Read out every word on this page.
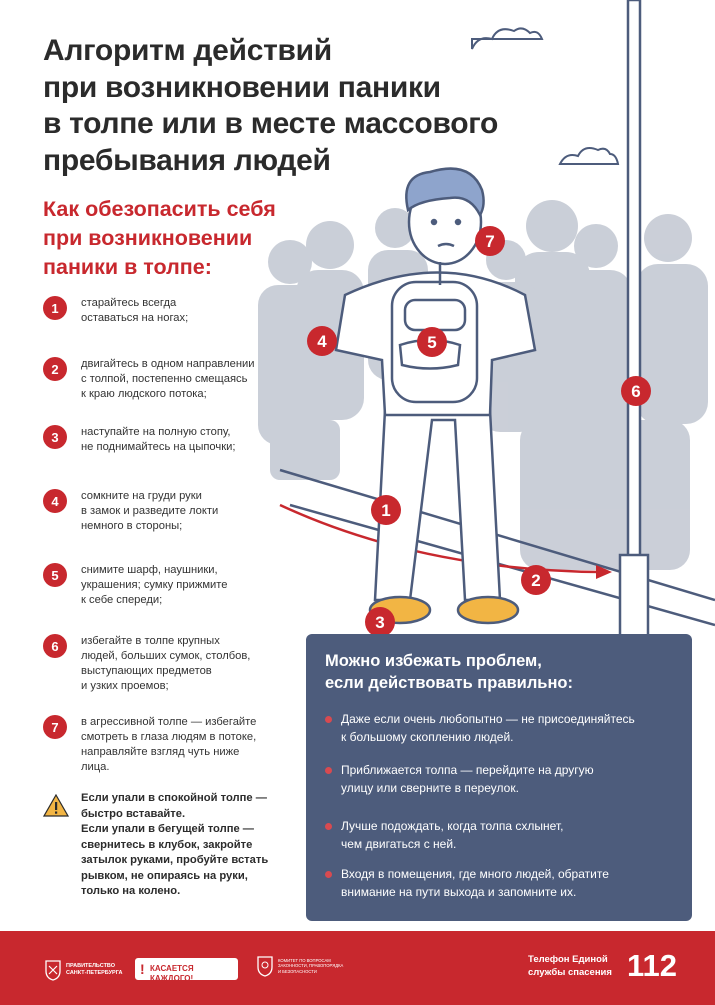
7
4	5
6
1
2
3
Алгоритм действий
при возникновении паники
в толпе или в месте массового
пребывания людей
Как обезопасить себя
при возникновении
паники в толпе:
1	старайтесь всегда
оставаться на ногах;
2	двигайтесь в одном направлении
с толпой, постепенно смещаясь
к краю людского потока;
3	наступайте на полную стопу,
не поднимайтесь на цыпочки;
4	сомкните на груди руки
в замок и разведите локти
немного в стороны;
5	снимите шарф, наушники,
украшения; сумку прижмите
к себе спереди;
6	избегайте в толпе крупных
людей, больших сумок, столбов,
выступающих предметов
и узких проемов;
7	в агрессивной толпе — избегайте
смотреть в глаза людям в потоке,
направляйте взгляд чуть ниже
лица.
Если упали в спокойной толпе —
быстро вставайте.
Если упали в бегущей толпе —
свернитесь в клубок, закройте
затылок руками, пробуйте встать
рывком, не опираясь на руки,
только на колено.
Можно избежать проблем,
если действовать правильно:
Даже если очень любопытно — не присоединяйтесь
к большому скоплению людей.
Приближается толпа — перейдите на другую
улицу или сверните в переулок.
Лучше подождать, когда толпа схлынет,
чем двигаться с ней.
Входя в помещения, где много людей, обратите
внимание на пути выхода и запомните их.
ПРАВИТЕЛЬСТВО
САНКТ-ПЕТЕРБУРГА	! КАСАЕТСЯ КАЖДОГО!
КОМИТЕТ ПО ВОПРОСАМ
ЗАКОННОСТИ, ПРАВОПОРЯДКА
И БЕЗОПАСНОСТИ
Телефон Единой
службы спасения 112
